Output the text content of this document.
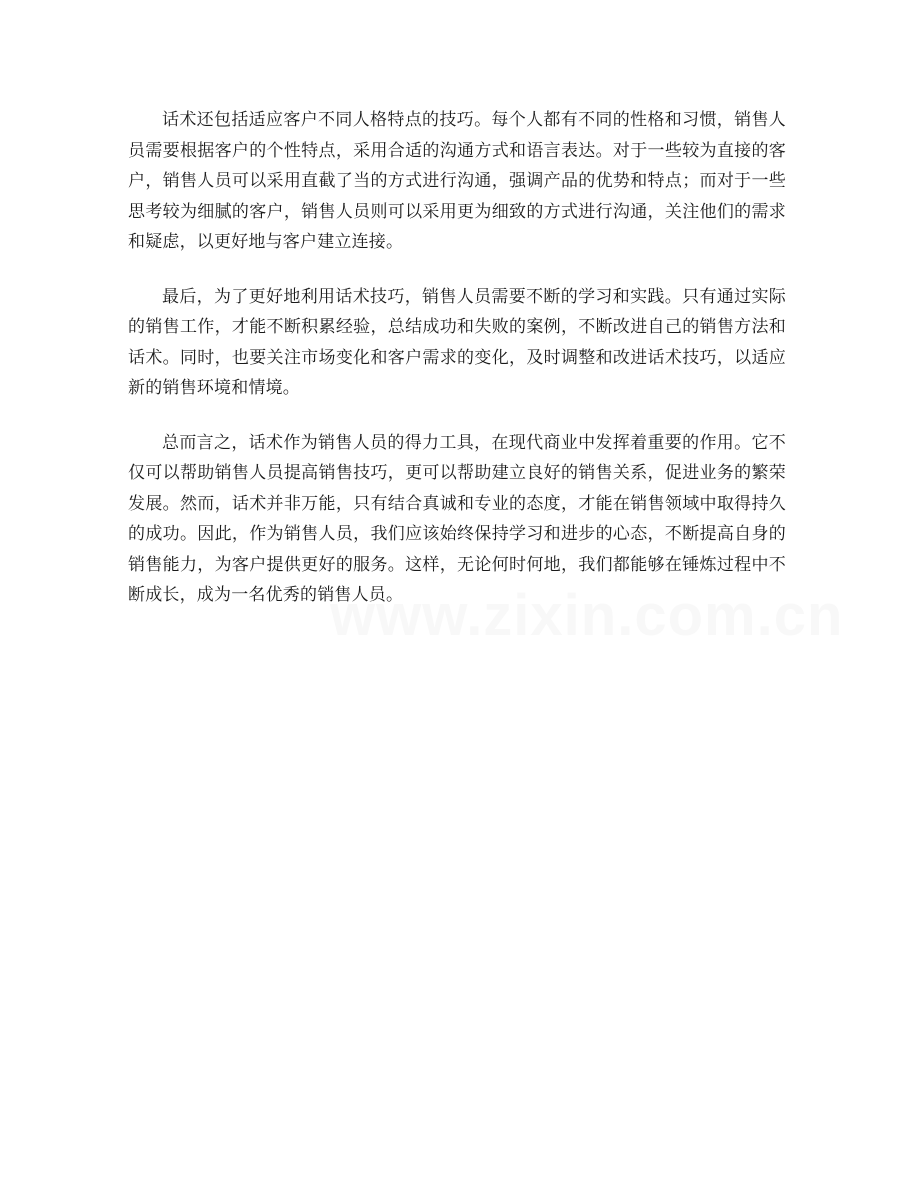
话术还包括适应客户不同人格特点的技巧。每个人都有不同的性格和习惯，销售人员需要根据客户的个性特点，采用合适的沟通方式和语言表达。对于一些较为直接的客户，销售人员可以采用直截了当的方式进行沟通，强调产品的优势和特点；而对于一些思考较为细腻的客户，销售人员则可以采用更为细致的方式进行沟通，关注他们的需求和疑虑，以更好地与客户建立连接。

最后，为了更好地利用话术技巧，销售人员需要不断的学习和实践。只有通过实际的销售工作，才能不断积累经验，总结成功和失败的案例，不断改进自己的销售方法和话术。同时，也要关注市场变化和客户需求的变化，及时调整和改进话术技巧，以适应新的销售环境和情境。

总而言之，话术作为销售人员的得力工具，在现代商业中发挥着重要的作用。它不仅可以帮助销售人员提高销售技巧，更可以帮助建立良好的销售关系，促进业务的繁荣发展。然而，话术并非万能，只有结合真诚和专业的态度，才能在销售领域中取得持久的成功。因此，作为销售人员，我们应该始终保持学习和进步的心态，不断提高自身的销售能力，为客户提供更好的服务。这样，无论何时何地，我们都能够在锤炼过程中不断成长，成为一名优秀的销售人员。

www.zixin.com.cn
